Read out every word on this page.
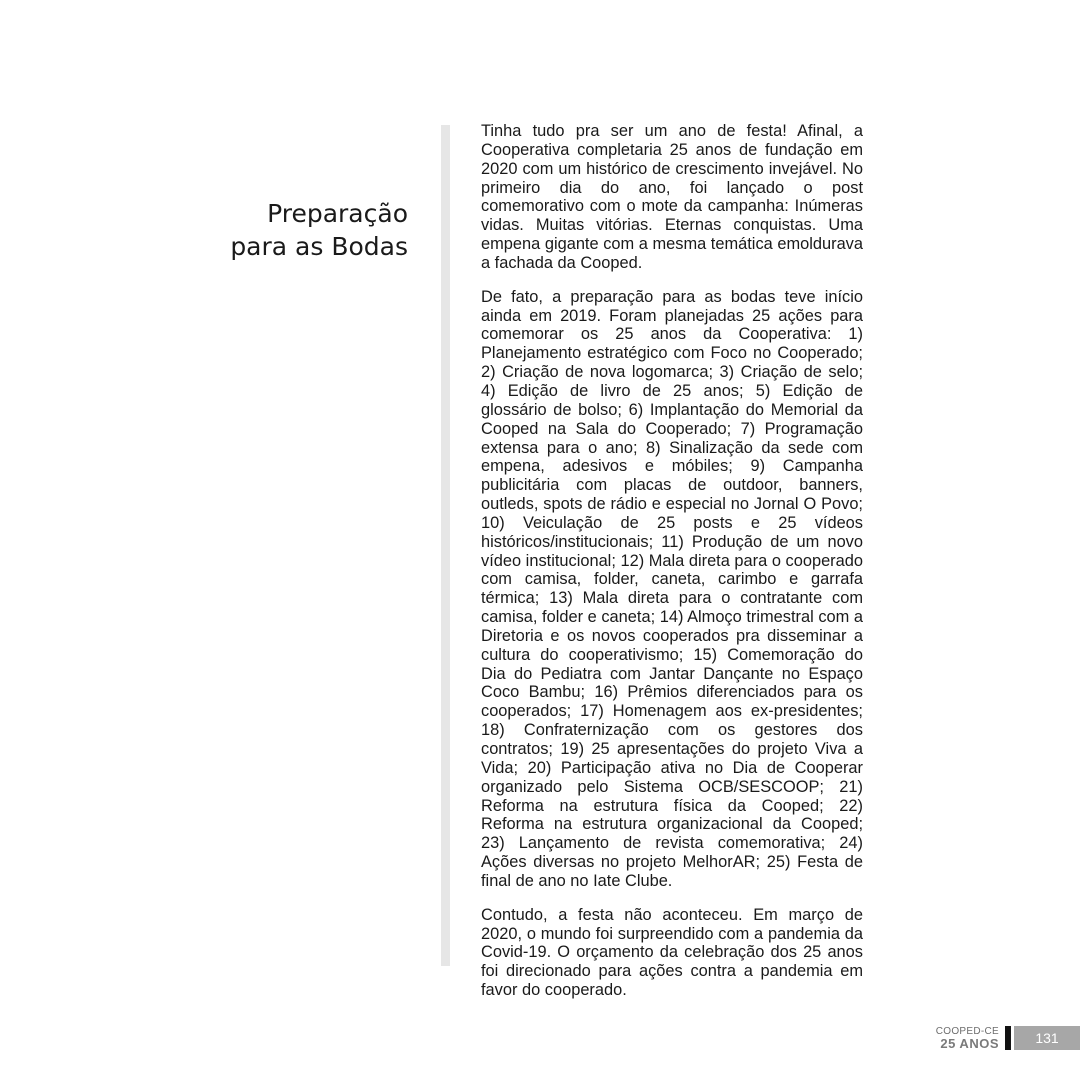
Preparação
para as Bodas

Tinha tudo pra ser um ano de festa! Afinal, a Cooperativa completaria 25 anos de fundação em 2020 com um histórico de crescimento invejável. No primeiro dia do ano, foi lançado o post comemorativo com o mote da campanha: Inúmeras vidas. Muitas vitórias. Eternas conquistas. Uma empena gigante com a mesma temática emoldurava a fachada da Cooped.

De fato, a preparação para as bodas teve início ainda em 2019. Foram planejadas 25 ações para comemorar os 25 anos da Cooperativa: 1) Planejamento estratégico com Foco no Cooperado; 2) Criação de nova logomarca; 3) Criação de selo; 4) Edição de livro de 25 anos; 5) Edição de glossário de bolso; 6) Implantação do Memorial da Cooped na Sala do Cooperado; 7) Programação extensa para o ano; 8) Sinalização da sede com empena, adesivos e móbiles; 9) Campanha publicitária com placas de outdoor, banners, outleds, spots de rádio e especial no Jornal O Povo; 10) Veiculação de 25 posts e 25 vídeos históricos/institucionais; 11) Produção de um novo vídeo institucional; 12) Mala direta para o cooperado com camisa, folder, caneta, carimbo e garrafa térmica; 13) Mala direta para o contratante com camisa, folder e caneta; 14) Almoço trimestral com a Diretoria e os novos cooperados pra disseminar a cultura do cooperativismo; 15) Comemoração do Dia do Pediatra com Jantar Dançante no Espaço Coco Bambu; 16) Prêmios diferenciados para os cooperados; 17) Homenagem aos ex-presidentes; 18) Confraternização com os gestores dos contratos; 19) 25 apresentações do projeto Viva a Vida; 20) Participação ativa no Dia de Cooperar organizado pelo Sistema OCB/SESCOOP; 21) Reforma na estrutura física da Cooped; 22) Reforma na estrutura organizacional da Cooped; 23) Lançamento de revista comemorativa; 24) Ações diversas no projeto MelhorAR; 25) Festa de final de ano no Iate Clube.

Contudo, a festa não aconteceu. Em março de 2020, o mundo foi surpreendido com a pandemia da Covid-19. O orçamento da celebração dos 25 anos foi direcionado para ações contra a pandemia em favor do cooperado.

COOPED-CE
25 ANOS	131
